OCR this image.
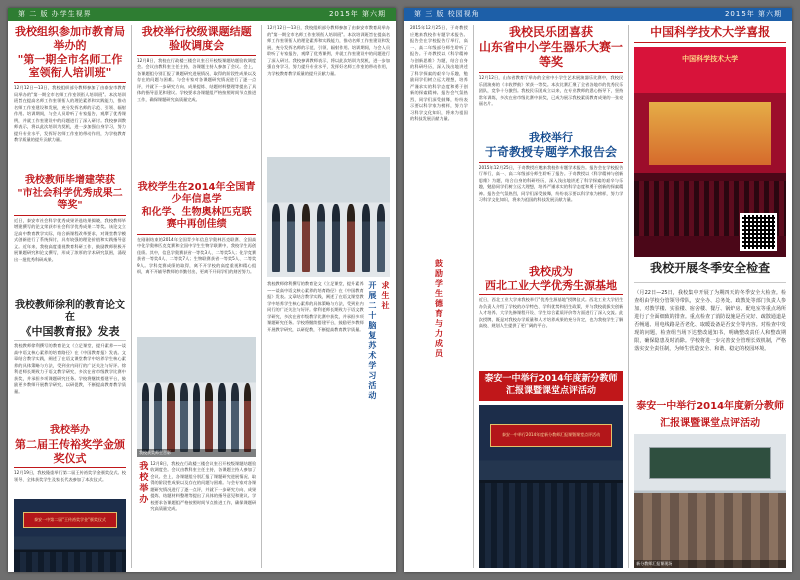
第 二 版 办学生视界	2015年 第六期
我校组织参加市教育局举办的
"第一期全市名师工作室领衔人培训班"
12月12日—13日，我校组织部分教师参加了由泰安市教育局举办的"第一期全市名师工作室领衔人培训班"。本次培训班旨在提高名师工作室领衔人的理论素养和实践能力，推动名师工作室建设和发展，充分发挥名师的示范、引领、辐射作用。培训期间，与会人员聆听了专家报告，观摩了优秀课例，并就工作室建设中的问题进行了深入研讨。我校参训教师表示，将以此次培训为契机，进一步加强自身学习，努力提升专业水平，发挥好名师工作室的带动作用，为学校教育教学质量的提升贡献力量。
我校教师毕增建荣获
"市社会科学优秀成果二等奖"
近日，泰安市社会科学优秀成果评选结果揭晓，我校教师毕增建撰写的论文荣获市社会科学优秀成果二等奖。该论文立足高中教育教学实际，结合新课程改革要求，对课堂教学模式创新进行了系统探讨，具有较强的理论价值和实践指导意义。近年来，我校高度重视教育科研工作，鼓励教师积极开展课题研究和论文撰写，形成了浓厚的学术研究氛围，涌现出一批优秀科研成果。
我校教师徐利的教育论文在
《中国教育报》发表
我校教师徐利撰写的教育论文《立足课堂，提升素养——谈高中语文核心素养的培育路径》在《中国教育报》发表。文章结合教学实践，阐述了在语文课堂教学中培养学生核心素养的具体策略与方法，受到业内同行的广泛关注与好评。徐利老师长期致力于语文教学研究，多次在省市级教学比赛中获奖，并承担多项课题研究任务。学校将继续搭建平台，鼓励更多教师开展教学研究，以研促教，不断提高教育教学质量。
我校举办
第二届王传裕奖学金颁奖仪式
12月19日，我校隆重举行第二届王传裕奖学金颁奖仪式。校领导、全体获奖学生及家长代表参加了本次仪式。
泰安一中第二届"王传裕奖学金"颁奖仪式
我校举行校级课题结题验收调度会
12月8日，我校在行政楼三楼会议室召开校级课题结题验收调度会。会议由教科室主任主持，各课题主持人参加了会议。会上，各课题组分别汇报了课题研究进展情况、取得的阶段性成果以及存在的问题与困难。与会专家对各课题研究情况进行了逐一点评，并就下一步研究方向、成果提炼、结题材料整理等提出了具体的指导意见和建议。学校要求各课题组严格按照时间节点推进工作，确保课题研究高质量完成。
我校学生在2014年全国青少年信息学
和化学、生物奥林匹克联赛中再创佳绩
在刚刚结束的2014年全国青少年信息学奥林匹克联赛、全国高中化学奥林匹克竞赛和全国中学生生物学联赛中，我校学生再创佳绩。其中，信息学奥赛获省一等奖3人、二等奖5人；化学竞赛获省一等奖4人、二等奖7人；生物联赛获省一等奖5人、二等奖9人。学科竞赛成绩的取得，离不开学校的高度重视和精心组织，离不开辅导教师的辛勤付出，更离不开同学们的刻苦努力。
我校获奖师生合影
我校举办 12月8日，我校在行政楼三楼会议室召开校级课题结题验收调度会。会议由教科室主任主持，各课题主持人参加了会议。会上，各课题组分别汇报了课题研究进展情况、取得的阶段性成果以及存在的问题与困难。与会专家对各课题研究情况进行了逐一点评，并就下一步研究方向、成果提炼、结题材料整理等提出了具体的指导意见和建议。学校要求各课题组严格按照时间节点推进工作，确保课题研究高质量完成。
12月12日—13日，我校组织部分教师参加了由泰安市教育局举办的"第一期全市名师工作室领衔人培训班"。本次培训班旨在提高名师工作室领衔人的理论素养和实践能力，推动名师工作室建设和发展，充分发挥名师的示范、引领、辐射作用。培训期间，与会人员聆听了专家报告，观摩了优秀课例，并就工作室建设中的问题进行了深入研讨。我校参训教师表示，将以此次培训为契机，进一步加强自身学习，努力提升专业水平，发挥好名师工作室的带动作用，为学校教育教学质量的提升贡献力量。
我校教师徐利撰写的教育论文《立足课堂，提升素养——谈高中语文核心素养的培育路径》在《中国教育报》发表。文章结合教学实践，阐述了在语文课堂教学中培养学生核心素养的具体策略与方法，受到业内同行的广泛关注与好评。徐利老师长期致力于语文教学研究，多次在省市级教学比赛中获奖，并承担多项课题研究任务。学校将继续搭建平台，鼓励更多教师开展教学研究，以研促教，不断提高教育教学质量。 开展二十脑复苏术学习活动 求生社
第 三 版 校园视角	2015年 第六期
2015年12月25日，于奇教授应邀来我校作专题学术报告。报告会在学校报告厅举行，高一、高二年级部分师生聆听了报告。于奇教授以《科学精神与创新思维》为题，结合自身的科研经历，深入浅出地讲述了科学探索的艰辛与乐趣，勉励同学们树立远大理想，培养严谨求实的科学态度和勇于创新的探索精神。报告会气氛热烈，同学们深受鼓舞，纷纷表示要以科学家为榜样，努力学习科学文化知识，将来为祖国的科技发展贡献力量。
鼓励学生德育与力成员
我校民乐团喜获
山东省中小学生器乐大赛一等奖
12月12日，山东省教育厅举办的全省中小学生艺术展演器乐比赛中，我校民乐团演奏的《丰收锣鼓》荣获一等奖。本次比赛汇聚了全省各地市的优秀民乐团队，竞争十分激烈。我校民乐团成立以来，在专业教师的悉心指导下，坚持常年训练，多次在省市级比赛中获奖，已成为展示我校素质教育成果的一张亮丽名片。
我校举行
于奇教授专题学术报告会
2015年12月25日，于奇教授应邀来我校作专题学术报告。报告会在学校报告厅举行，高一、高二年级部分师生聆听了报告。于奇教授以《科学精神与创新思维》为题，结合自身的科研经历，深入浅出地讲述了科学探索的艰辛与乐趣，勉励同学们树立远大理想，培养严谨求实的科学态度和勇于创新的探索精神。报告会气氛热烈，同学们深受鼓舞，纷纷表示要以科学家为榜样，努力学习科学文化知识，将来为祖国的科技发展贡献力量。
我校成为
西北工业大学优秀生源基地
近日，西北工业大学来我校举行"优秀生源基地"授牌仪式。西北工业大学招生办负责人介绍了学校的办学特色、学科优势和招生政策，并与我校就拔尖创新人才培养、大学先修课程开设、学生综合素质评价等方面进行了深入交流。此次授牌，既是对我校办学质量和人才培养成果的充分肯定，也为我校学生了解高校、规划人生提供了更广阔的平台。
泰安一中举行2014年度新分教师汇报课暨课堂点评活动
泰安一中举行2014年度新分教师汇报课暨课堂点评活动
中国科学技术大学喜报
中国科学技术大学
我校开展冬季安全检查
（月22日—25日，我校集中开展了为期四天的冬季安全大检查。检查组由学校分管领导带队，安全办、总务处、政教处等部门负责人参加，对教学楼、实验楼、宿舍楼、餐厅、锅炉房、配电室等重点场所进行了全面细致的排查。重点检查了消防设施是否完好、疏散通道是否畅通、用电线路是否老化、取暖设备是否安全等内容。对检查中发现的问题，检查组当场下达整改通知书，明确整改责任人和整改期限，确保隐患及时消除。学校将进一步完善安全管理长效机制，严格落实安全责任制，为师生营造安全、和谐、稳定的校园环境。
泰安一中举行2014年度新分教师
汇报课暨课堂点评活动
新分教师汇报课现场
